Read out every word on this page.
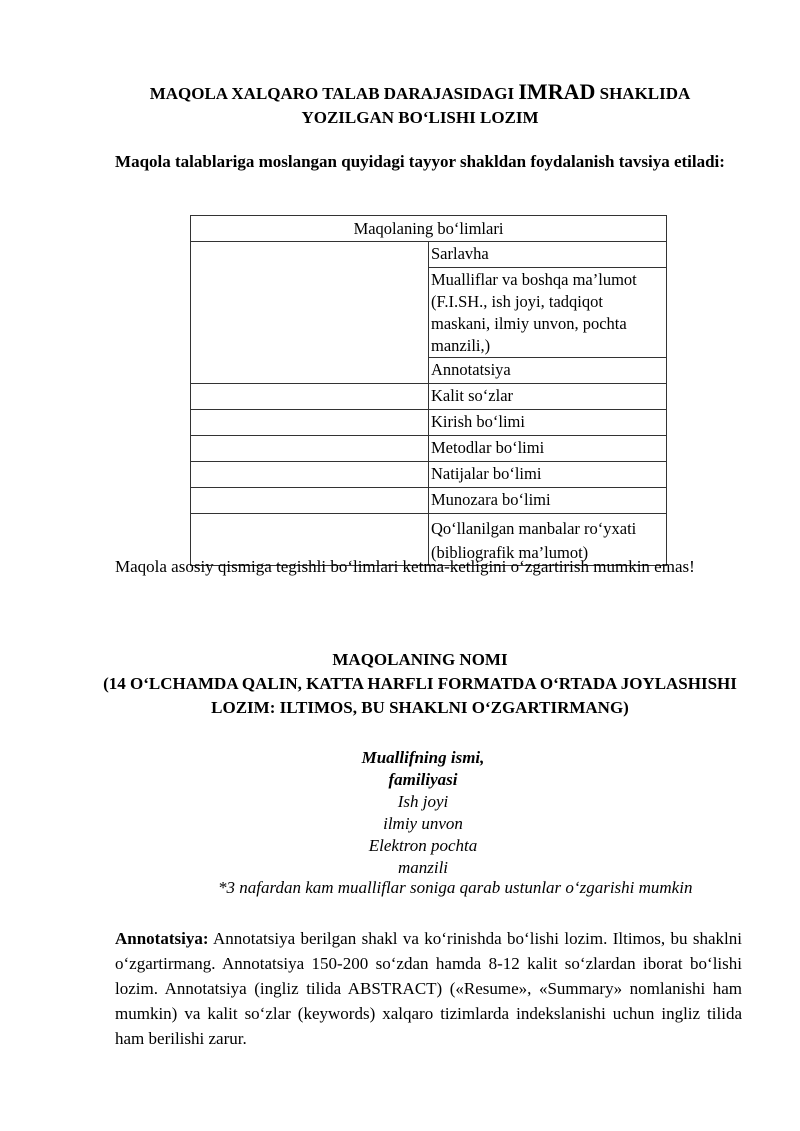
MAQOLA XALQARO TALAB DARAJASIDAGI IMRAD SHAKLIDA
YOZILGAN BO‘LISHI LOZIM
Maqola talablariga moslangan quyidagi tayyor shakldan foydalanish tavsiya etiladi:
Maqolaning bo‘limlari	
	Sarlavha
	Mualliflar va boshqa ma’lumot (F.I.SH., ish joyi, tadqiqot maskani, ilmiy unvon, pochta manzili,)
	Annotatsiya
	Kalit so‘zlar
	Kirish bo‘limi
	Metodlar bo‘limi
	Natijalar bo‘limi
	Munozara bo‘limi
	Qo‘llanilgan manbalar ro‘yxati (bibliografik ma’lumot)
Maqola asosiy qismiga tegishli bo‘limlari ketma-ketligini o‘zgartirish mumkin emas!
MAQOLANING NOMI
(14 O‘LCHAMDA QALIN, KATTA HARFLI FORMATDA O‘RTADA JOYLASHISHI LOZIM: ILTIMOS, BU SHAKLNI O‘ZGARTIRMANG)
Muallifning ismi,
familiyasi
Ish joyi
ilmiy unvon
Elektron pochta
manzili
*3 nafardan kam mualliflar soniga qarab ustunlar o‘zgarishi mumkin
Annotatsiya: Annotatsiya berilgan shakl va ko‘rinishda bo‘lishi lozim. Iltimos, bu shaklni o‘zgartirmang. Annotatsiya 150-200 so‘zdan hamda 8-12 kalit so‘zlardan iborat bo‘lishi lozim. Annotatsiya (ingliz tilida ABSTRACT) («Resume», «Summary» nomlanishi ham mumkin) va kalit so‘zlar (keywords) xalqaro tizimlarda indekslanishi uchun ingliz tilida ham berilishi zarur.
